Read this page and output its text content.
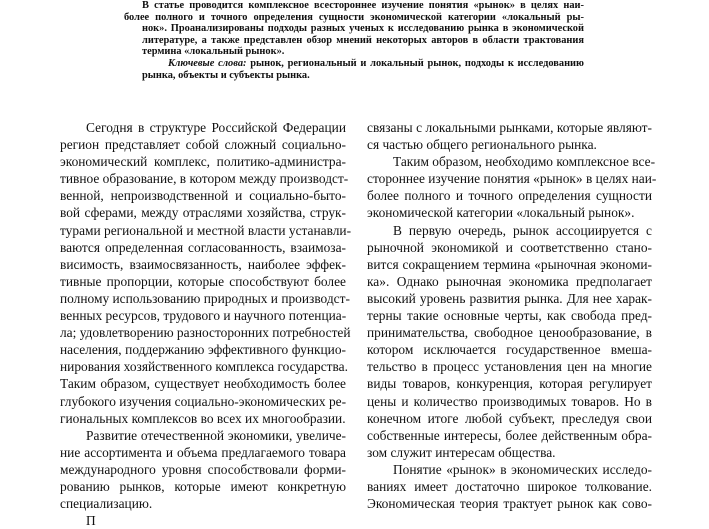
В статье проводится комплексное всестороннее изучение понятия «рынок» в целях наи-
более полного и точного определения сущности экономической категории «локальный ры-
нок». Проанализированы подходы разных ученых к исследованию рынка в экономической
литературе, а также представлен обзор мнений некоторых авторов в области трактования
термина «локальный рынок».

Ключевые слова: рынок, региональный и локальный рынок, подходы к исследованию
рынка, объекты и субъекты рынка.

Сегодня в структуре Российской Федерации
регион представляет собой сложный социально-
экономический комплекс, политико-администра-
тивное образование, в котором между производст-
венной, непроизводственной и социально-быто-
вой сферами, между отраслями хозяйства, струк-
турами региональной и местной власти устанавли-
ваются определенная согласованность, взаимоза-
висимость, взаимосвязанность, наиболее эффек-
тивные пропорции, которые способствуют более
полному использованию природных и производст-
венных ресурсов, трудового и научного потенциа-
ла; удовлетворению разносторонних потребностей
населения, поддержанию эффективного функцио-
нирования хозяйственного комплекса государства.
Таким образом, существует необходимость более
глубокого изучения социально-экономических ре-
гиональных комплексов во всех их многообразии.
Развитие отечественной экономики, увеличе-
ние ассортимента и объема предлагаемого товара
международного уровня способствовали форми-
рованию рынков, которые имеют конкретную
специализацию.
П
связаны с локальными рынками, которые являют-
ся частью общего регионального рынка.
Таким образом, необходимо комплексное все-
стороннее изучение понятия «рынок» в целях наи-
более полного и точного определения сущности
экономической категории «локальный рынок».
В первую очередь, рынок ассоциируется с
рыночной экономикой и соответственно стано-
вится сокращением термина «рыночная экономи-
ка». Однако рыночная экономика предполагает
высокий уровень развития рынка. Для нее харак-
терны такие основные черты, как свобода пред-
принимательства, свободное ценообразование, в
котором исключается государственное вмеша-
тельство в процесс установления цен на многие
виды товаров, конкуренция, которая регулирует
цены и количество производимых товаров. Но в
конечном итоге любой субъект, преследуя свои
собственные интересы, более действенным обра-
зом служит интересам общества.
Понятие «рынок» в экономических исследо-
ваниях имеет достаточно широкое толкование.
Экономическая теория трактует рынок как сово-
